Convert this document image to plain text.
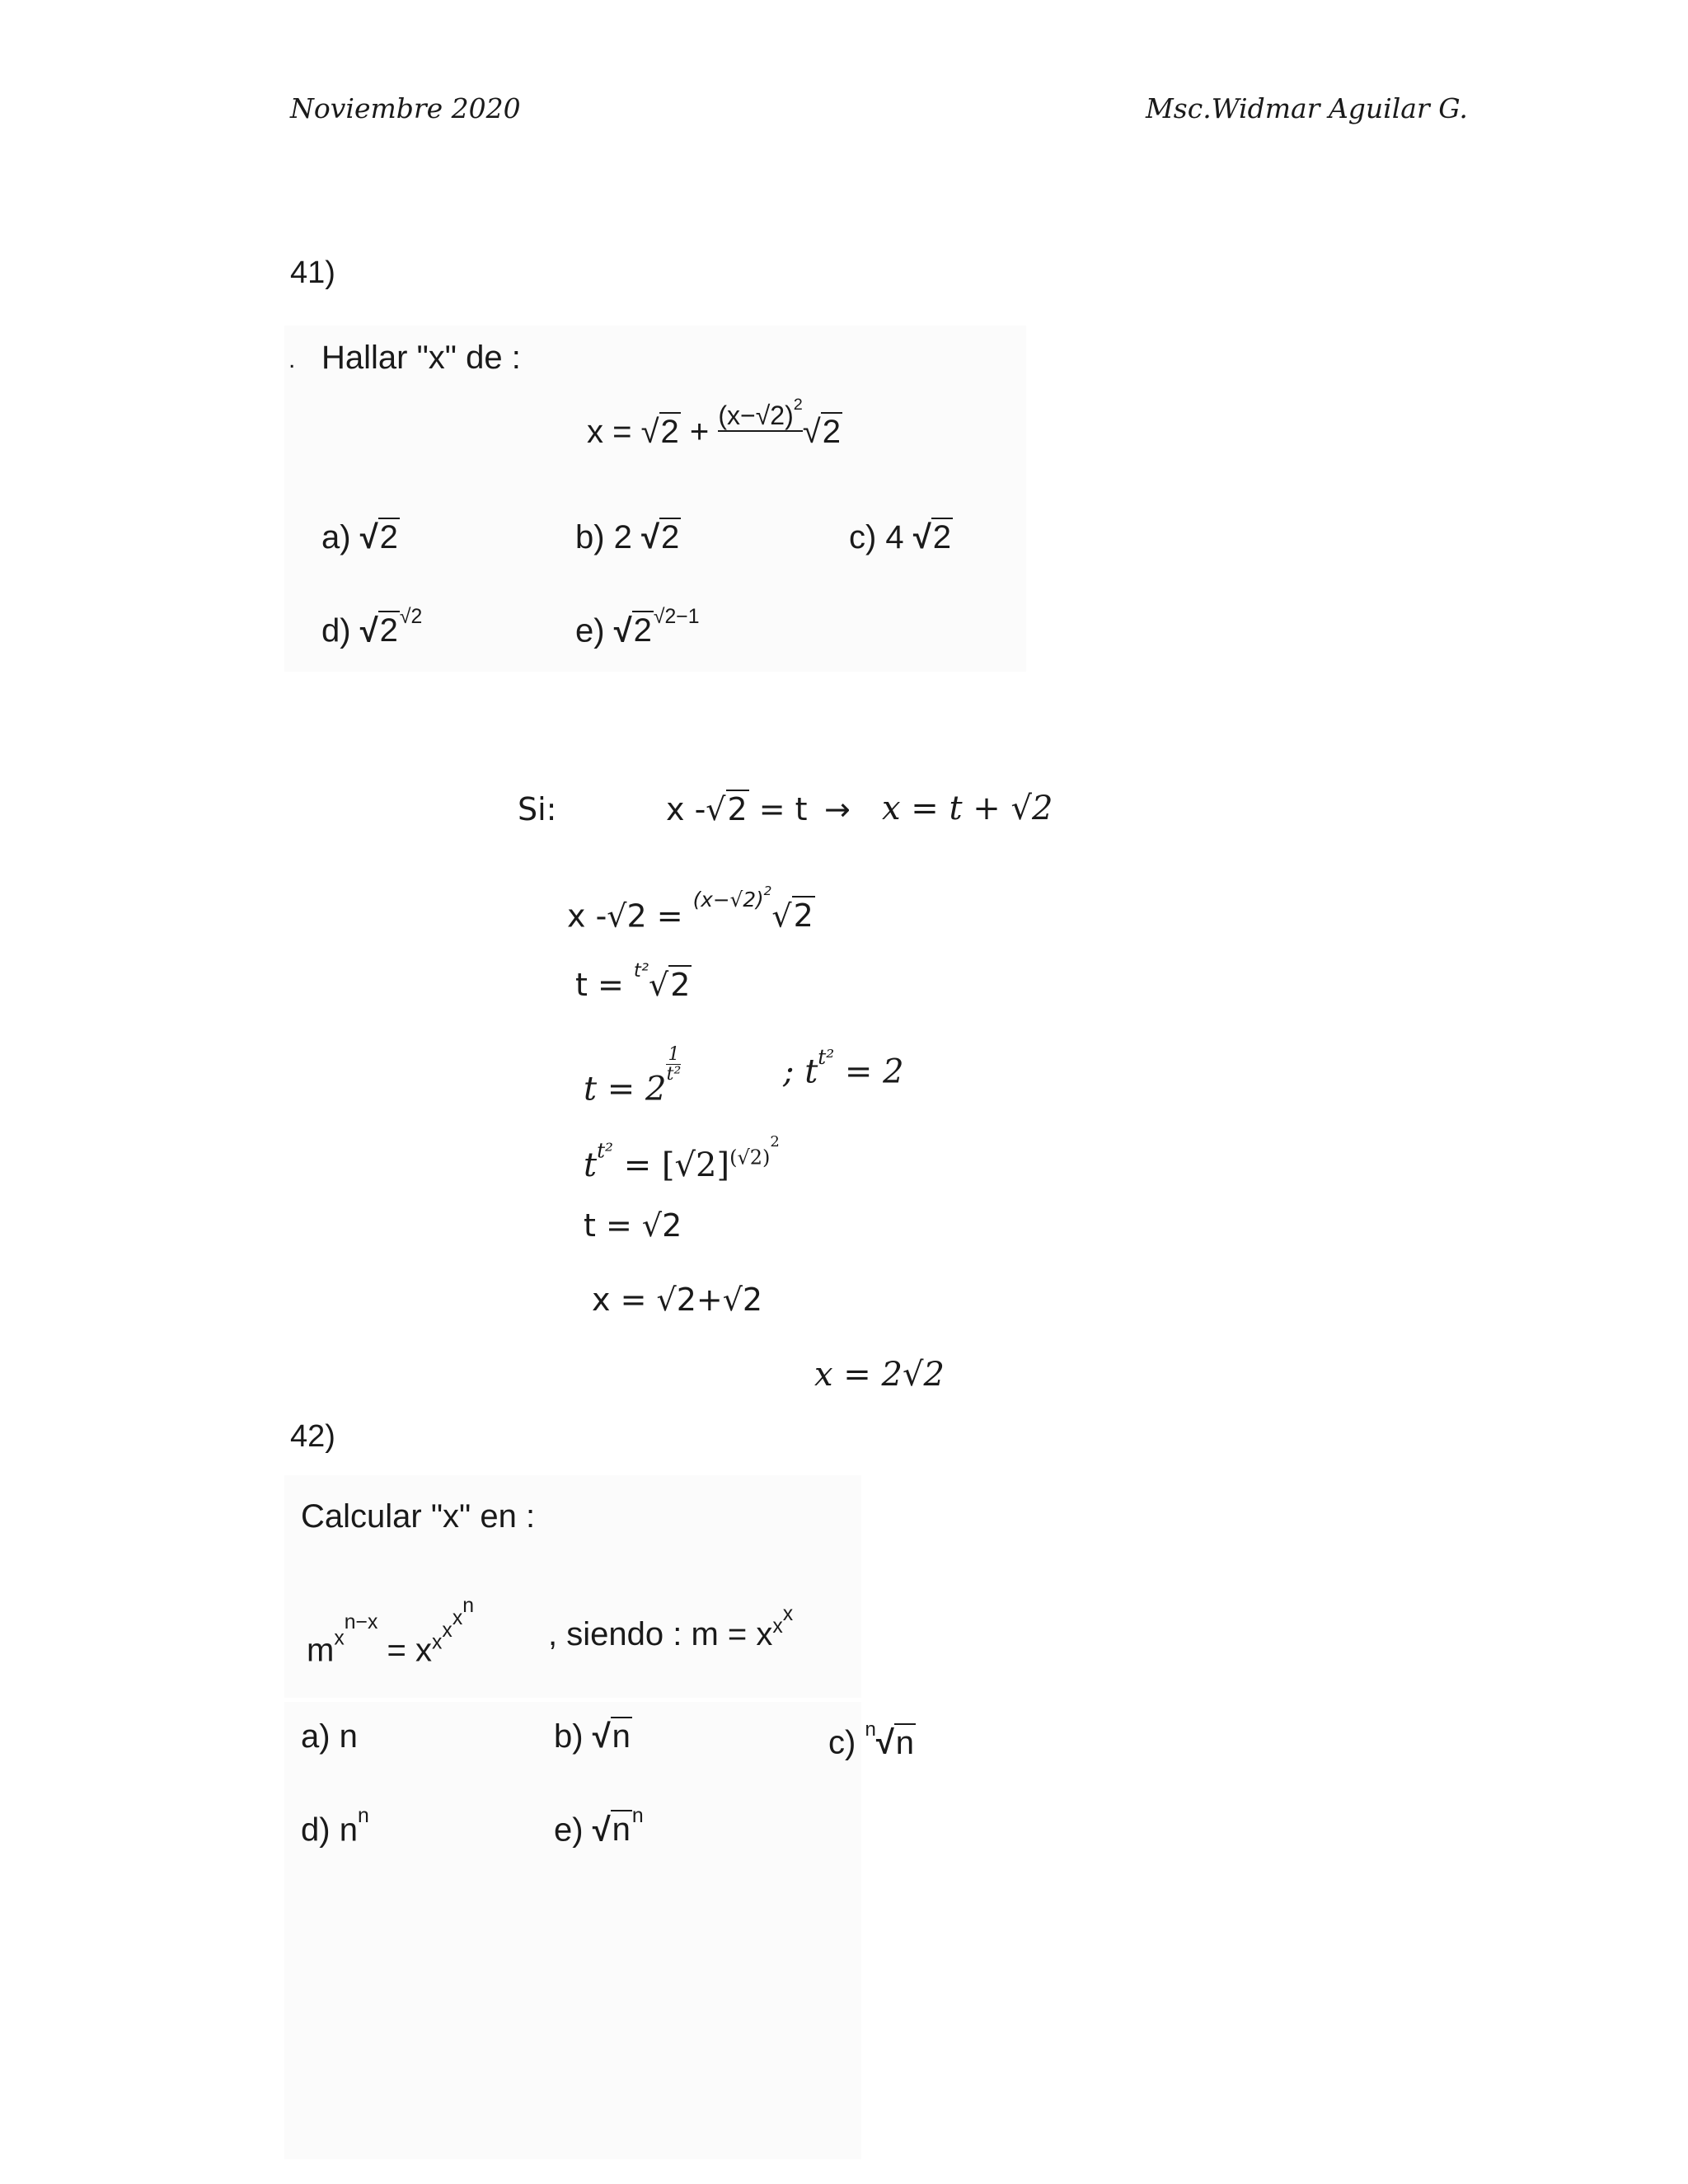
Noviembre 2020	Msc.Widmar Aguilar G.
41)
. Hallar "x" de :
x = √2 + $^{(x-√2)^2}$√2
a) √2	b) 2 √2	c) 4 √2
d) $√2^{√2}$	e) $√2^{√2-1}$
Si:	x -√2 = t → x = t + √2
x -√2 = $^{(x-√2)^2}$√2
t = $^{t^2}$√2
t = 2
$\frac{1}{\text{t²}}$	; $t^{t^2} = 2$
$t^{t^2} = [√2]^{(√2)2}$
t = √2
x = √2+√2
x = 2√2
42)
Calcular "x" en :
$m^{xn-x} = x^{xxxn}$
, siendo : $m = x^{xx}$
a) n	b) √n	c) $^n$√n
d) $n^n$	e) $√n^n$
